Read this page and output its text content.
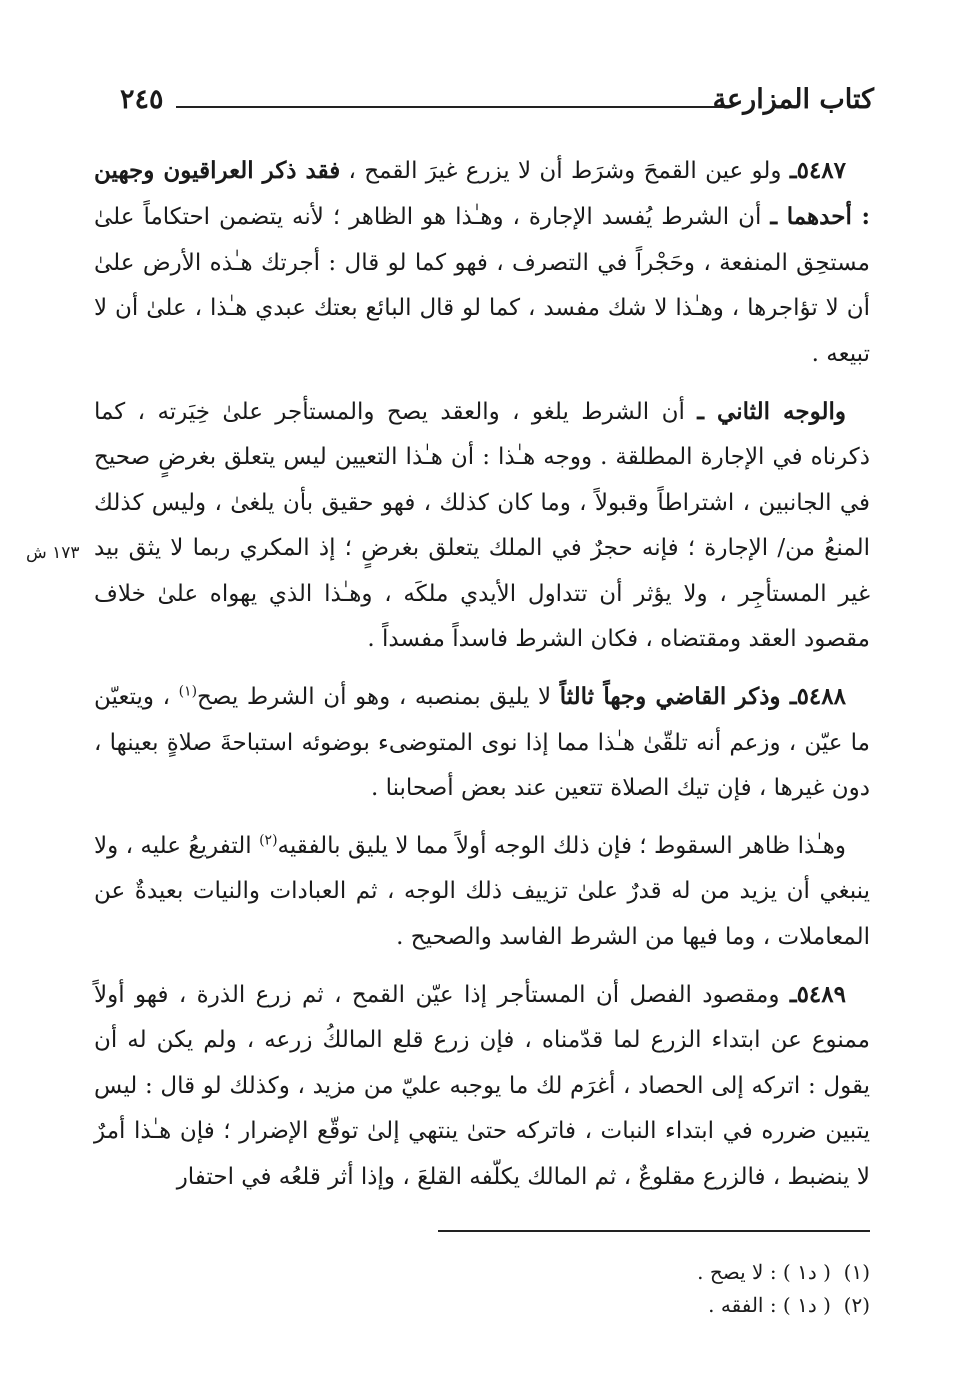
كتاب المزارعة
٢٤٥
١٧٣ ش

٥٤٨٧ـ ولو عين القمحَ وشرَط أن لا يزرع غيرَ القمح ، فقد ذكر العراقيون وجهين : أحدهما ـ أن الشرط يُفسد الإجارة ، وهـٰذا هو الظاهر ؛ لأنه يتضمن احتكاماً علىٰ مستحِق المنفعة ، وحَجْراً في التصرف ، فهو كما لو قال : أجرتك هـٰذه الأرض علىٰ أن لا تؤاجرها ، وهـٰذا لا شك مفسد ، كما لو قال البائع بعتك عبدي هـٰذا ، علىٰ أن لا تبيعه .

والوجه الثاني ـ أن الشرط يلغو ، والعقد يصح والمستأجر علىٰ خِيَرته ، كما ذكرناه في الإجارة المطلقة . ووجه هـٰذا : أن هـٰذا التعيين ليس يتعلق بغرضٍ صحيح في الجانبين ، اشتراطاً وقبولاً ، وما كان كذلك ، فهو حقيق بأن يلغىٰ ، وليس كذلك المنعُ من/ الإجارة ؛ فإنه حجرٌ في الملك يتعلق بغرضٍ ؛ إذ المكري ربما لا يثق بيد غير المستأجِر ، ولا يؤثر أن تتداول الأيدي ملكَه ، وهـٰذا الذي يهواه علىٰ خلاف مقصود العقد ومقتضاه ، فكان الشرط فاسداً مفسداً .

٥٤٨٨ـ وذكر القاضي وجهاً ثالثاً لا يليق بمنصبه ، وهو أن الشرط يصح$^{(١)}$ ، ويتعيّن ما عيّن ، وزعم أنه تلقّىٰ هـٰذا مما إذا نوى المتوضىء بوضوئه استباحةَ صلاةٍ بعينها ، دون غيرها ، فإن تيك الصلاة تتعين عند بعض أصحابنا .

وهـٰذا ظاهر السقوط ؛ فإن ذلك الوجه أولاً مما لا يليق بالفقيه$^{(٢)}$ التفريعُ عليه ، ولا ينبغي أن يزيد من له قدرٌ علىٰ تزييف ذلك الوجه ، ثم العبادات والنيات بعيدةٌ عن المعاملات ، وما فيها من الشرط الفاسد والصحيح .

٥٤٨٩ـ ومقصود الفصل أن المستأجر إذا عيّن القمح ، ثم زرع الذرة ، فهو أولاً ممنوع عن ابتداء الزرع لما قدّمناه ، فإن زرع قلع المالكُ زرعه ، ولم يكن له أن يقول : اتركه إلى الحصاد ، أغرَم لك ما يوجبه عليّ من مزيد ، وكذلك لو قال : ليس يتبين ضرره في ابتداء النبات ، فاتركه حتىٰ ينتهي إلىٰ توقّع الإضرار ؛ فإن هـٰذا أمرٌ لا ينضبط ، فالزرع مقلوعٌ ، ثم المالك يكلّفه القلعَ ، وإذا أثر قلعُه في احتفار

(١)  ( د١ ) : لا يصح .
(٢)  ( د١ ) : الفقه .
